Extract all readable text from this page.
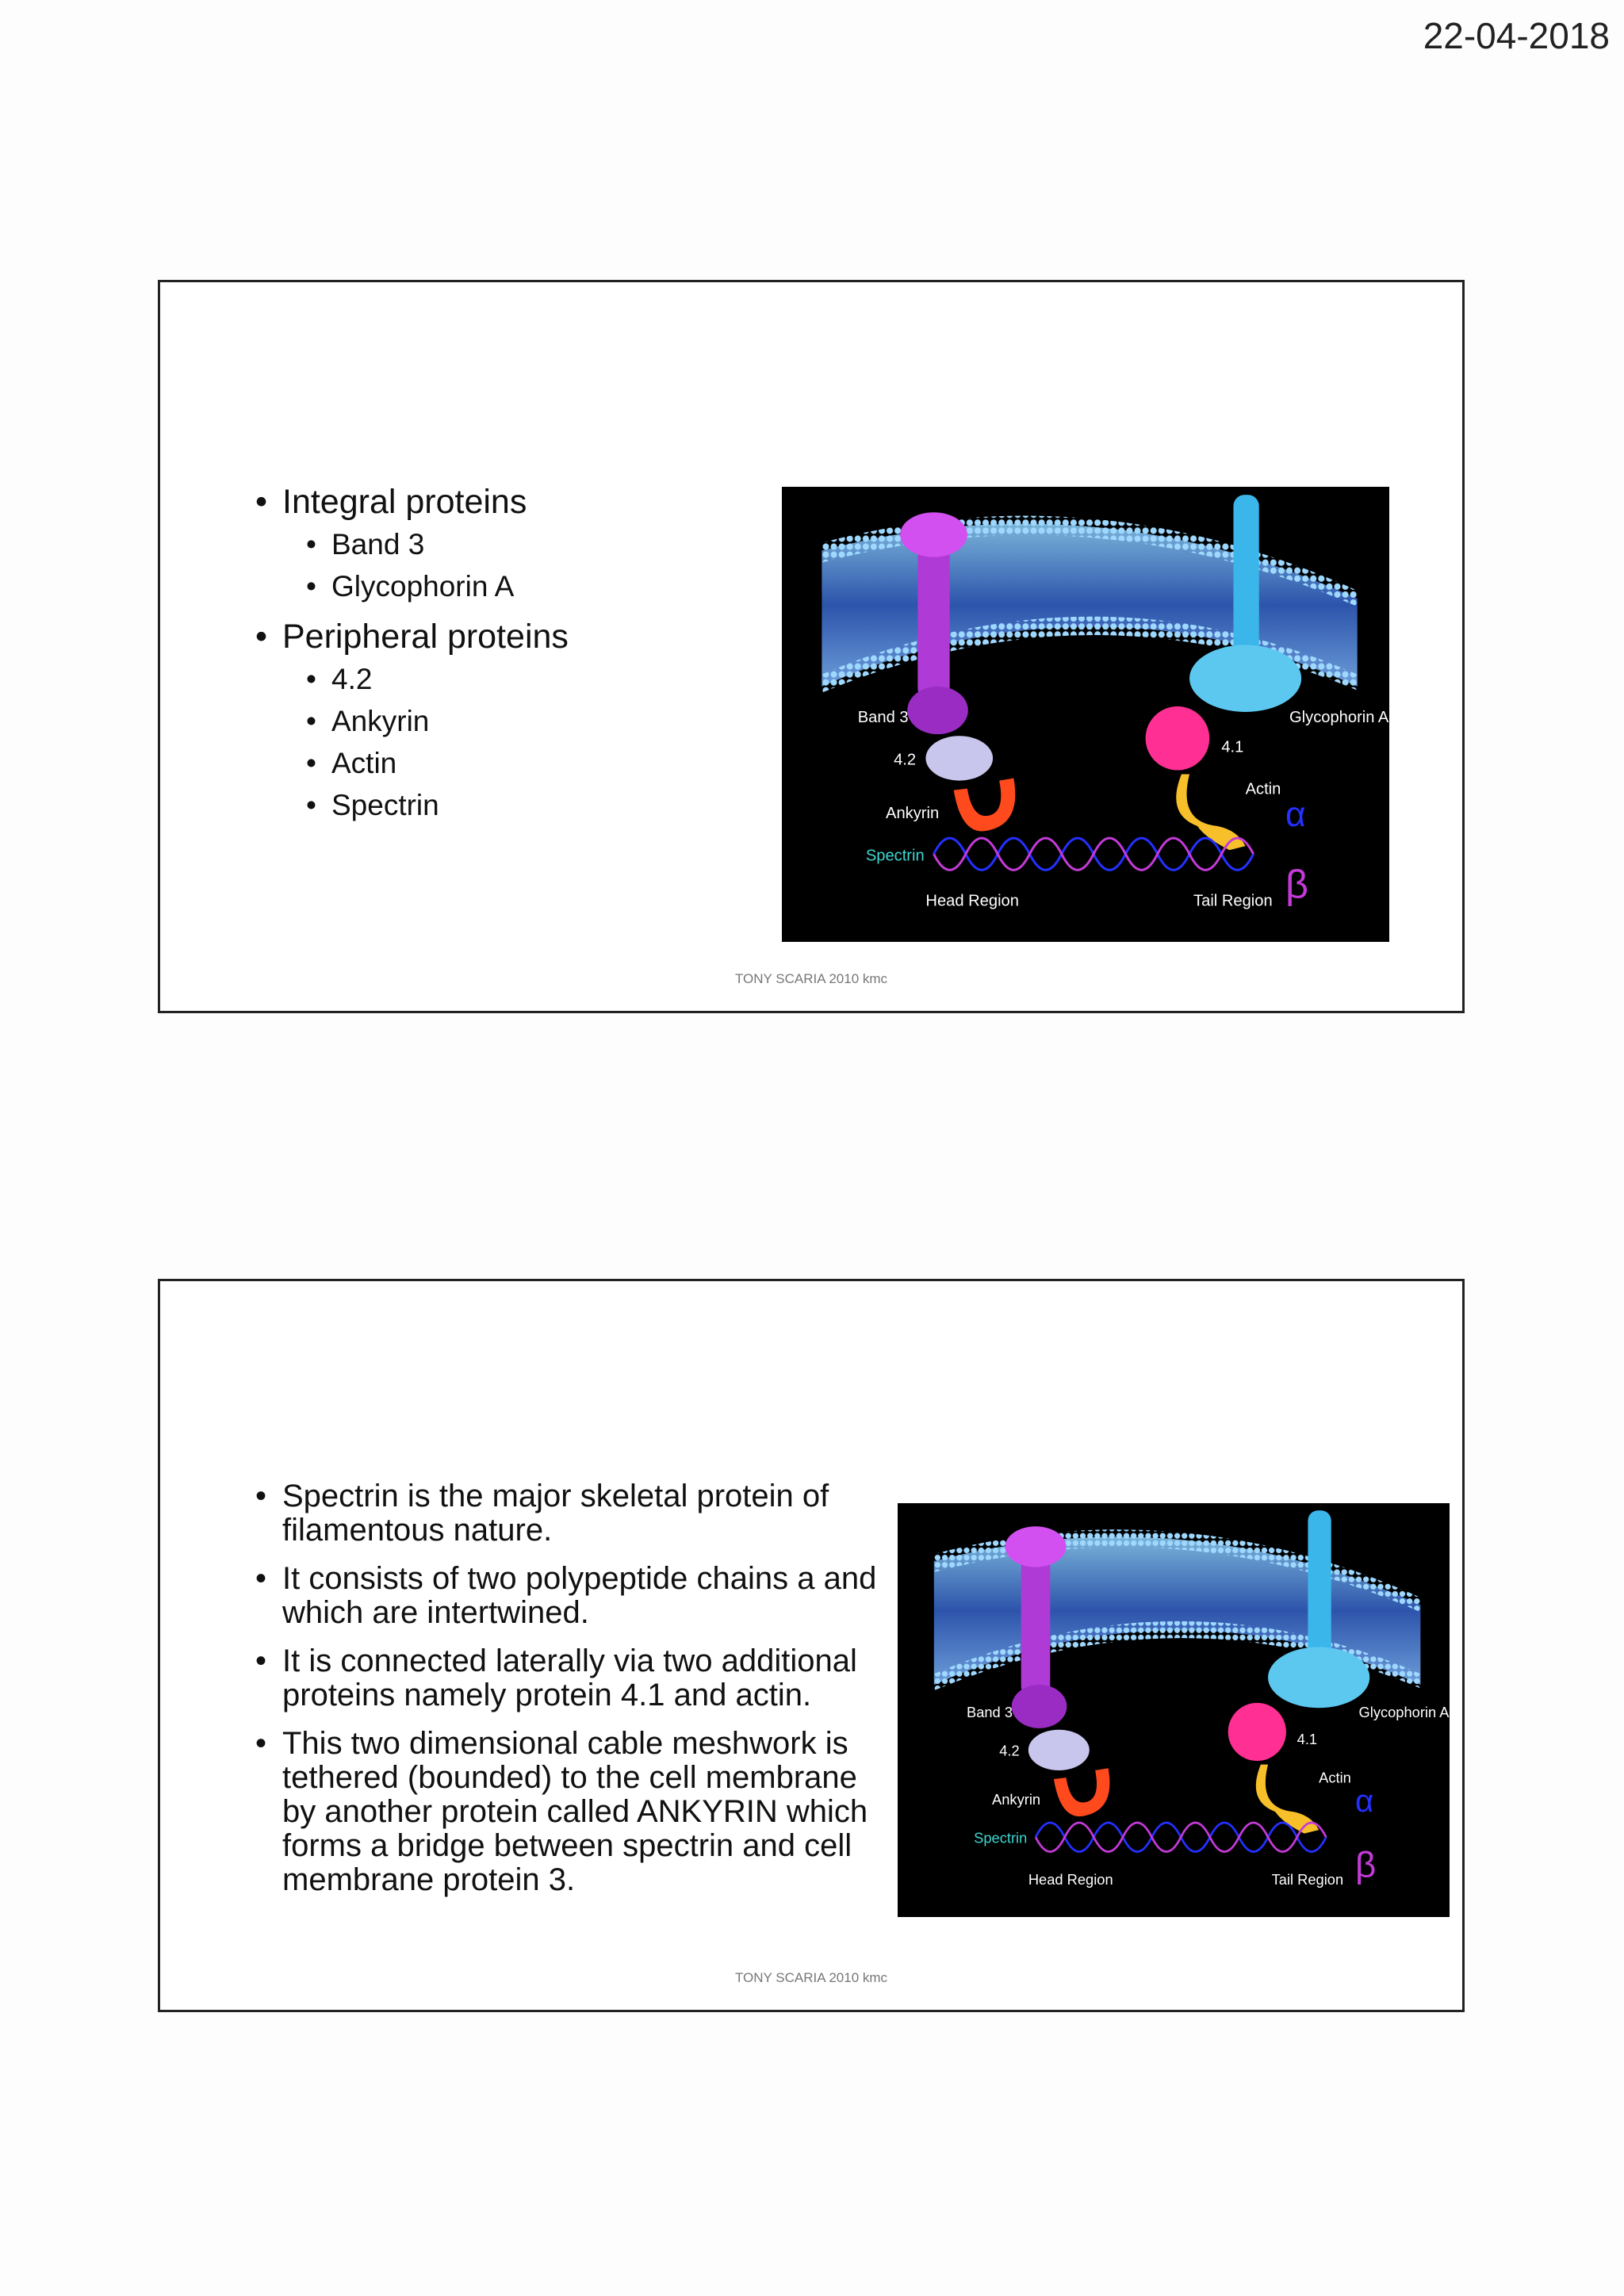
22-04-2018
• Integral proteins
• Band 3
• Glycophorin A
• Peripheral proteins
• 4.2
• Ankyrin
• Actin
• Spectrin
Band 3	Glycophorin A
4.2
4.1
Ankyrin
Actin
Spectrin
Head Region	Tail Region
α
β
TONY SCARIA 2010 kmc
• Spectrin is the major skeletal protein of filamentous nature.
• It consists of two polypeptide chains a and which are intertwined.
• It is connected laterally via two additional proteins namely protein 4.1 and actin.
• This two dimensional cable meshwork is tethered (bounded) to the cell membrane by another protein called ANKYRIN which forms a bridge between spectrin and cell membrane protein 3.
Band 3	Glycophorin A
4.2
4.1
Ankyrin
Actin
Spectrin
Head Region	Tail Region
α
β
TONY SCARIA 2010 kmc
